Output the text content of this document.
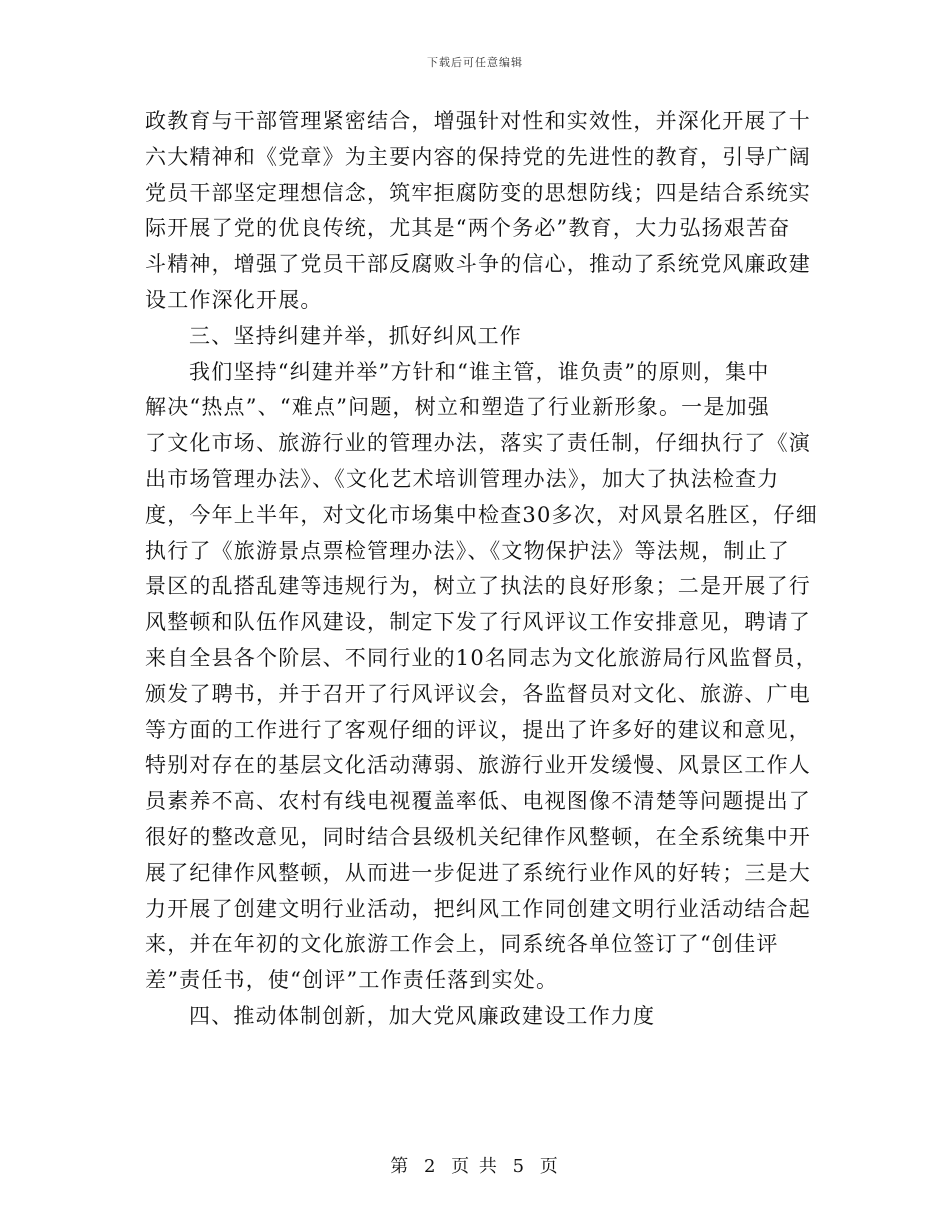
下载后可任意编辑
政教育与干部管理紧密结合，增强针对性和实效性，并深化开展了十
六大精神和《党章》为主要内容的保持党的先进性的教育，引导广阔
党员干部坚定理想信念，筑牢拒腐防变的思想防线；四是结合系统实
际开展了党的优良传统，尤其是“两个务必”教育，大力弘扬艰苦奋
斗精神，增强了党员干部反腐败斗争的信心，推动了系统党风廉政建
设工作深化开展。
三、坚持纠建并举，抓好纠风工作
我们坚持“纠建并举”方针和“谁主管，谁负责”的原则，集中
解决“热点”、“难点”问题，树立和塑造了行业新形象。一是加强
了文化市场、旅游行业的管理办法，落实了责任制，仔细执行了《演
出市场管理办法》、《文化艺术培训管理办法》，加大了执法检查力
度，今年上半年，对文化市场集中检查30多次，对风景名胜区，仔细
执行了《旅游景点票检管理办法》、《文物保护法》等法规，制止了
景区的乱搭乱建等违规行为，树立了执法的良好形象；二是开展了行
风整顿和队伍作风建设，制定下发了行风评议工作安排意见，聘请了
来自全县各个阶层、不同行业的10名同志为文化旅游局行风监督员，
颁发了聘书，并于召开了行风评议会，各监督员对文化、旅游、广电
等方面的工作进行了客观仔细的评议，提出了许多好的建议和意见，
特别对存在的基层文化活动薄弱、旅游行业开发缓慢、风景区工作人
员素养不高、农村有线电视覆盖率低、电视图像不清楚等问题提出了
很好的整改意见，同时结合县级机关纪律作风整顿，在全系统集中开
展了纪律作风整顿，从而进一步促进了系统行业作风的好转；三是大
力开展了创建文明行业活动，把纠风工作同创建文明行业活动结合起
来，并在年初的文化旅游工作会上，同系统各单位签订了“创佳评
差”责任书，使“创评”工作责任落到实处。
四、推动体制创新，加大党风廉政建设工作力度
第 2 页 共 5 页
